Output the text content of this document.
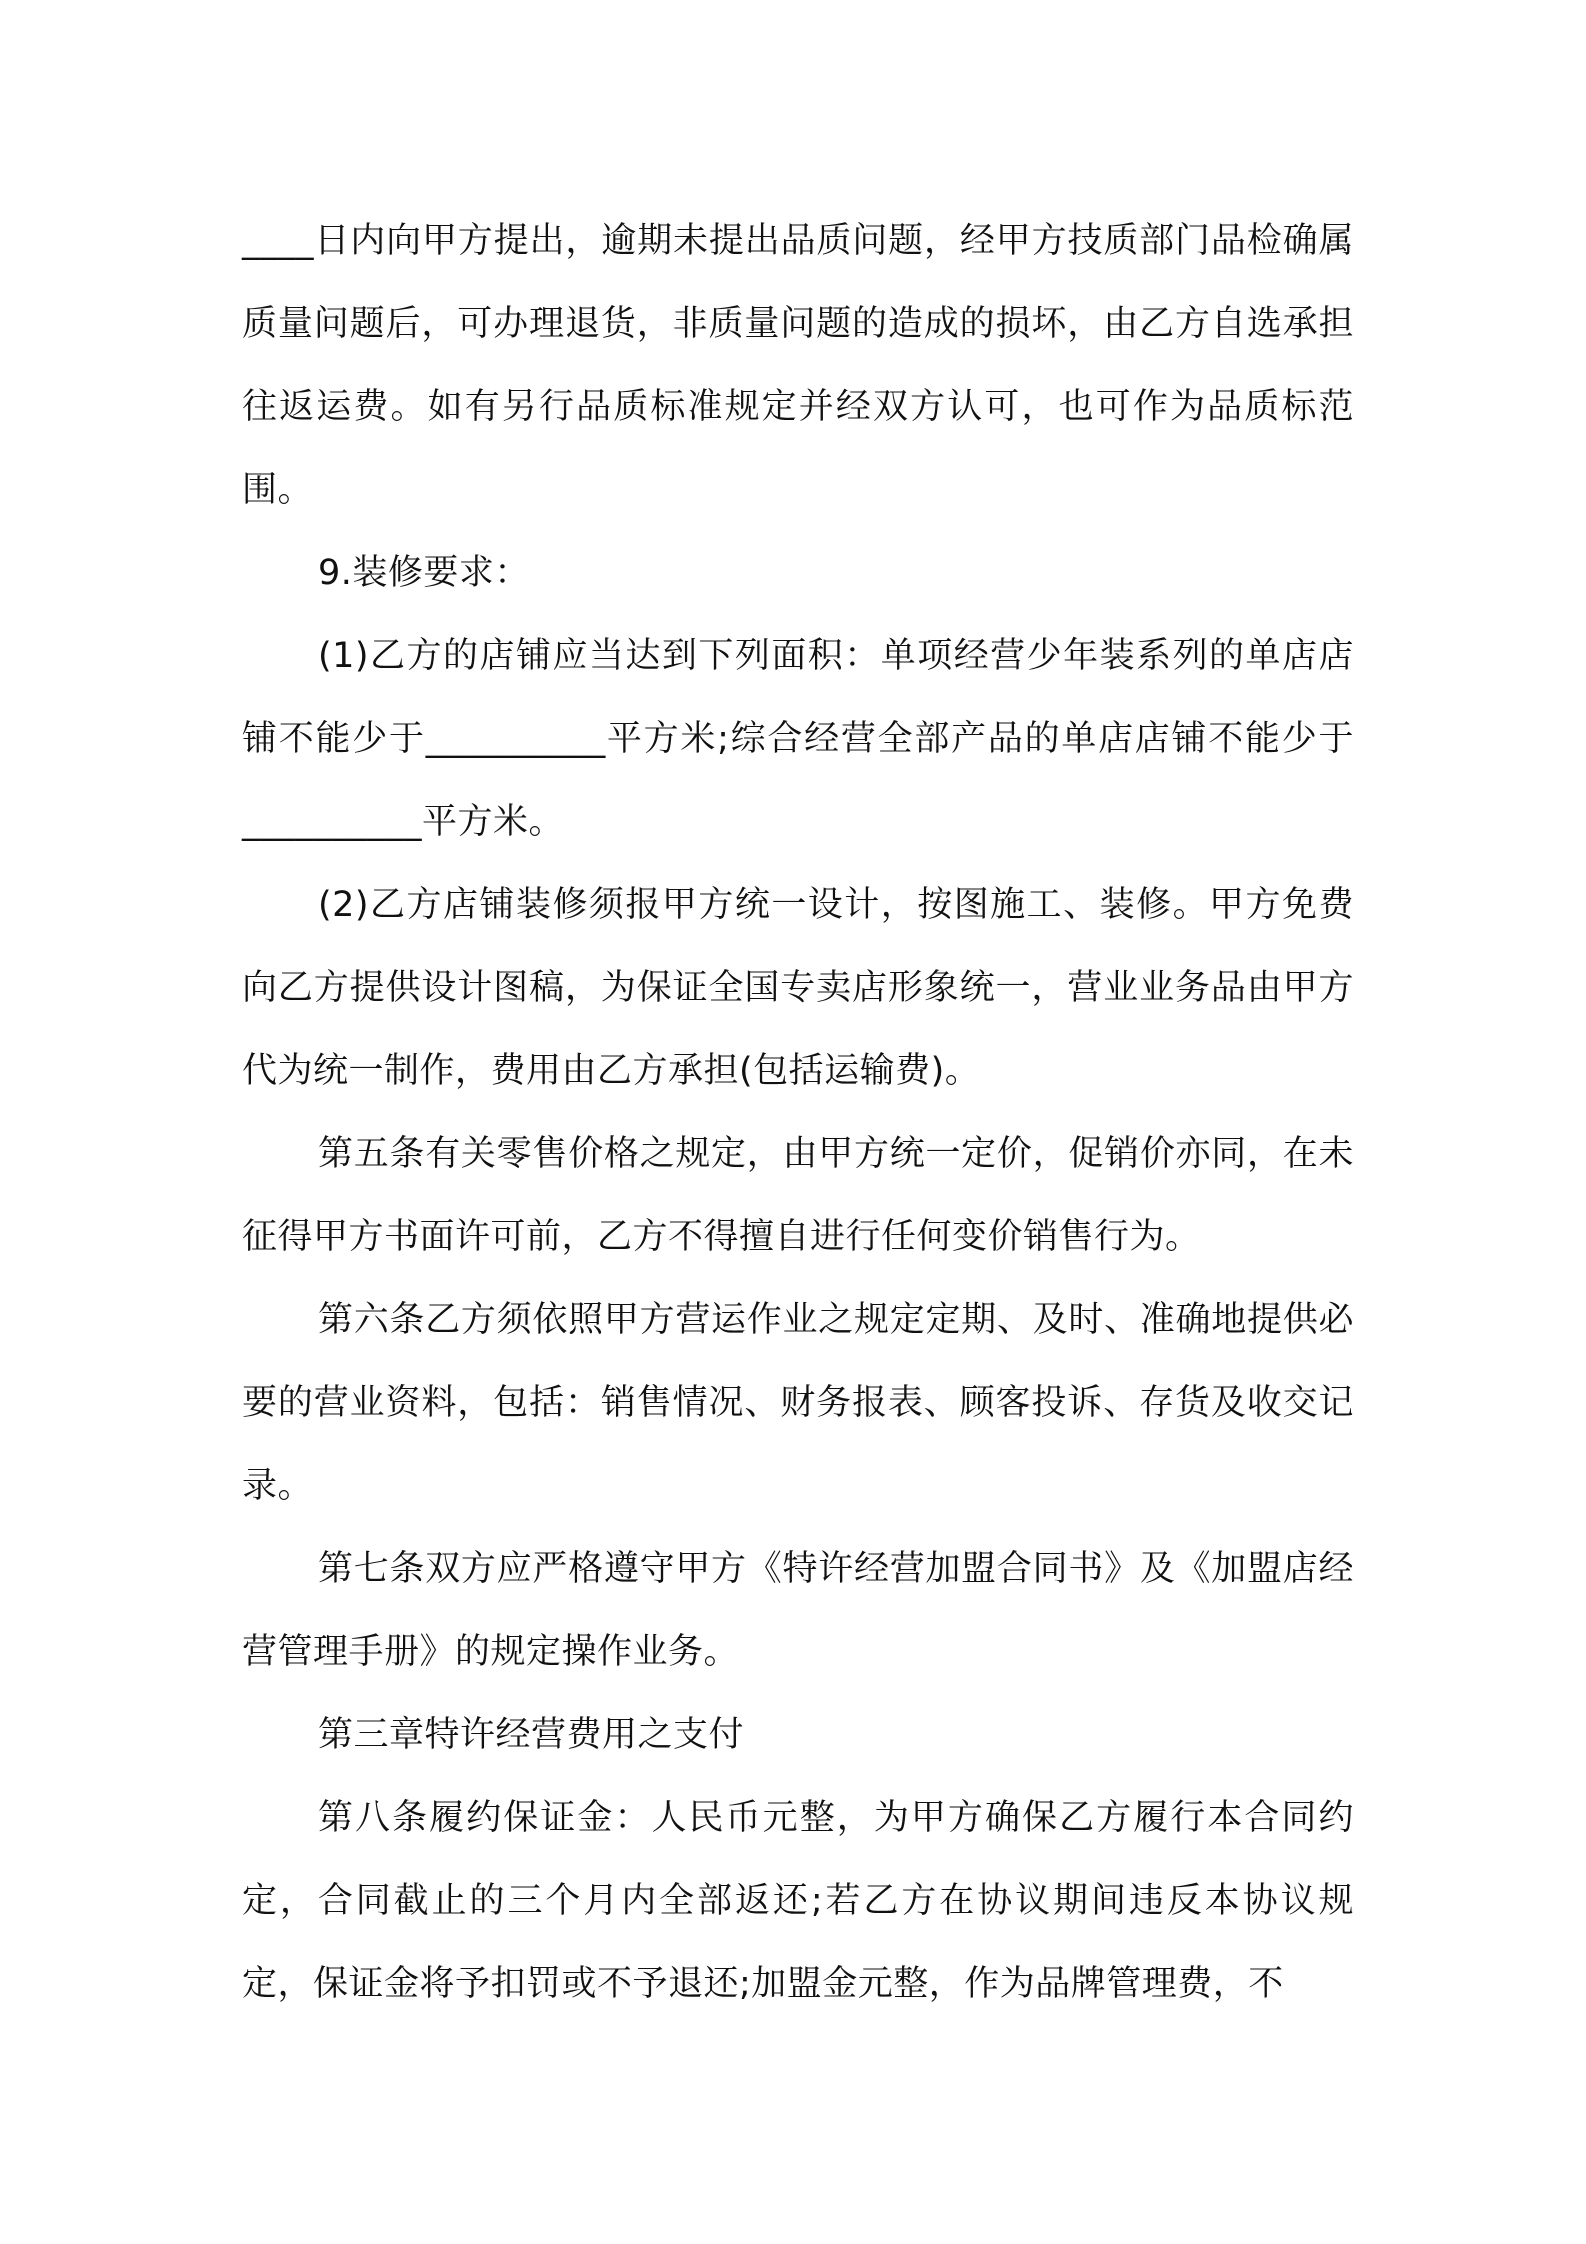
____日内向甲方提出，逾期未提出品质问题，经甲方技质部门品检确属质量问题后，可办理退货，非质量问题的造成的损坏，由乙方自选承担往返运费。如有另行品质标准规定并经双方认可，也可作为品质标范围。

9.装修要求：

(1)乙方的店铺应当达到下列面积：单项经营少年装系列的单店店铺不能少于__________平方米;综合经营全部产品的单店店铺不能少于__________平方米。

(2)乙方店铺装修须报甲方统一设计，按图施工、装修。甲方免费向乙方提供设计图稿，为保证全国专卖店形象统一，营业业务品由甲方代为统一制作，费用由乙方承担(包括运输费)。

第五条有关零售价格之规定，由甲方统一定价，促销价亦同，在未征得甲方书面许可前，乙方不得擅自进行任何变价销售行为。

第六条乙方须依照甲方营运作业之规定定期、及时、准确地提供必要的营业资料，包括：销售情况、财务报表、顾客投诉、存货及收交记录。

第七条双方应严格遵守甲方《特许经营加盟合同书》及《加盟店经营管理手册》的规定操作业务。

第三章特许经营费用之支付

第八条履约保证金：人民币元整，为甲方确保乙方履行本合同约定，合同截止的三个月内全部返还;若乙方在协议期间违反本协议规定，保证金将予扣罚或不予退还;加盟金元整，作为品牌管理费，不
